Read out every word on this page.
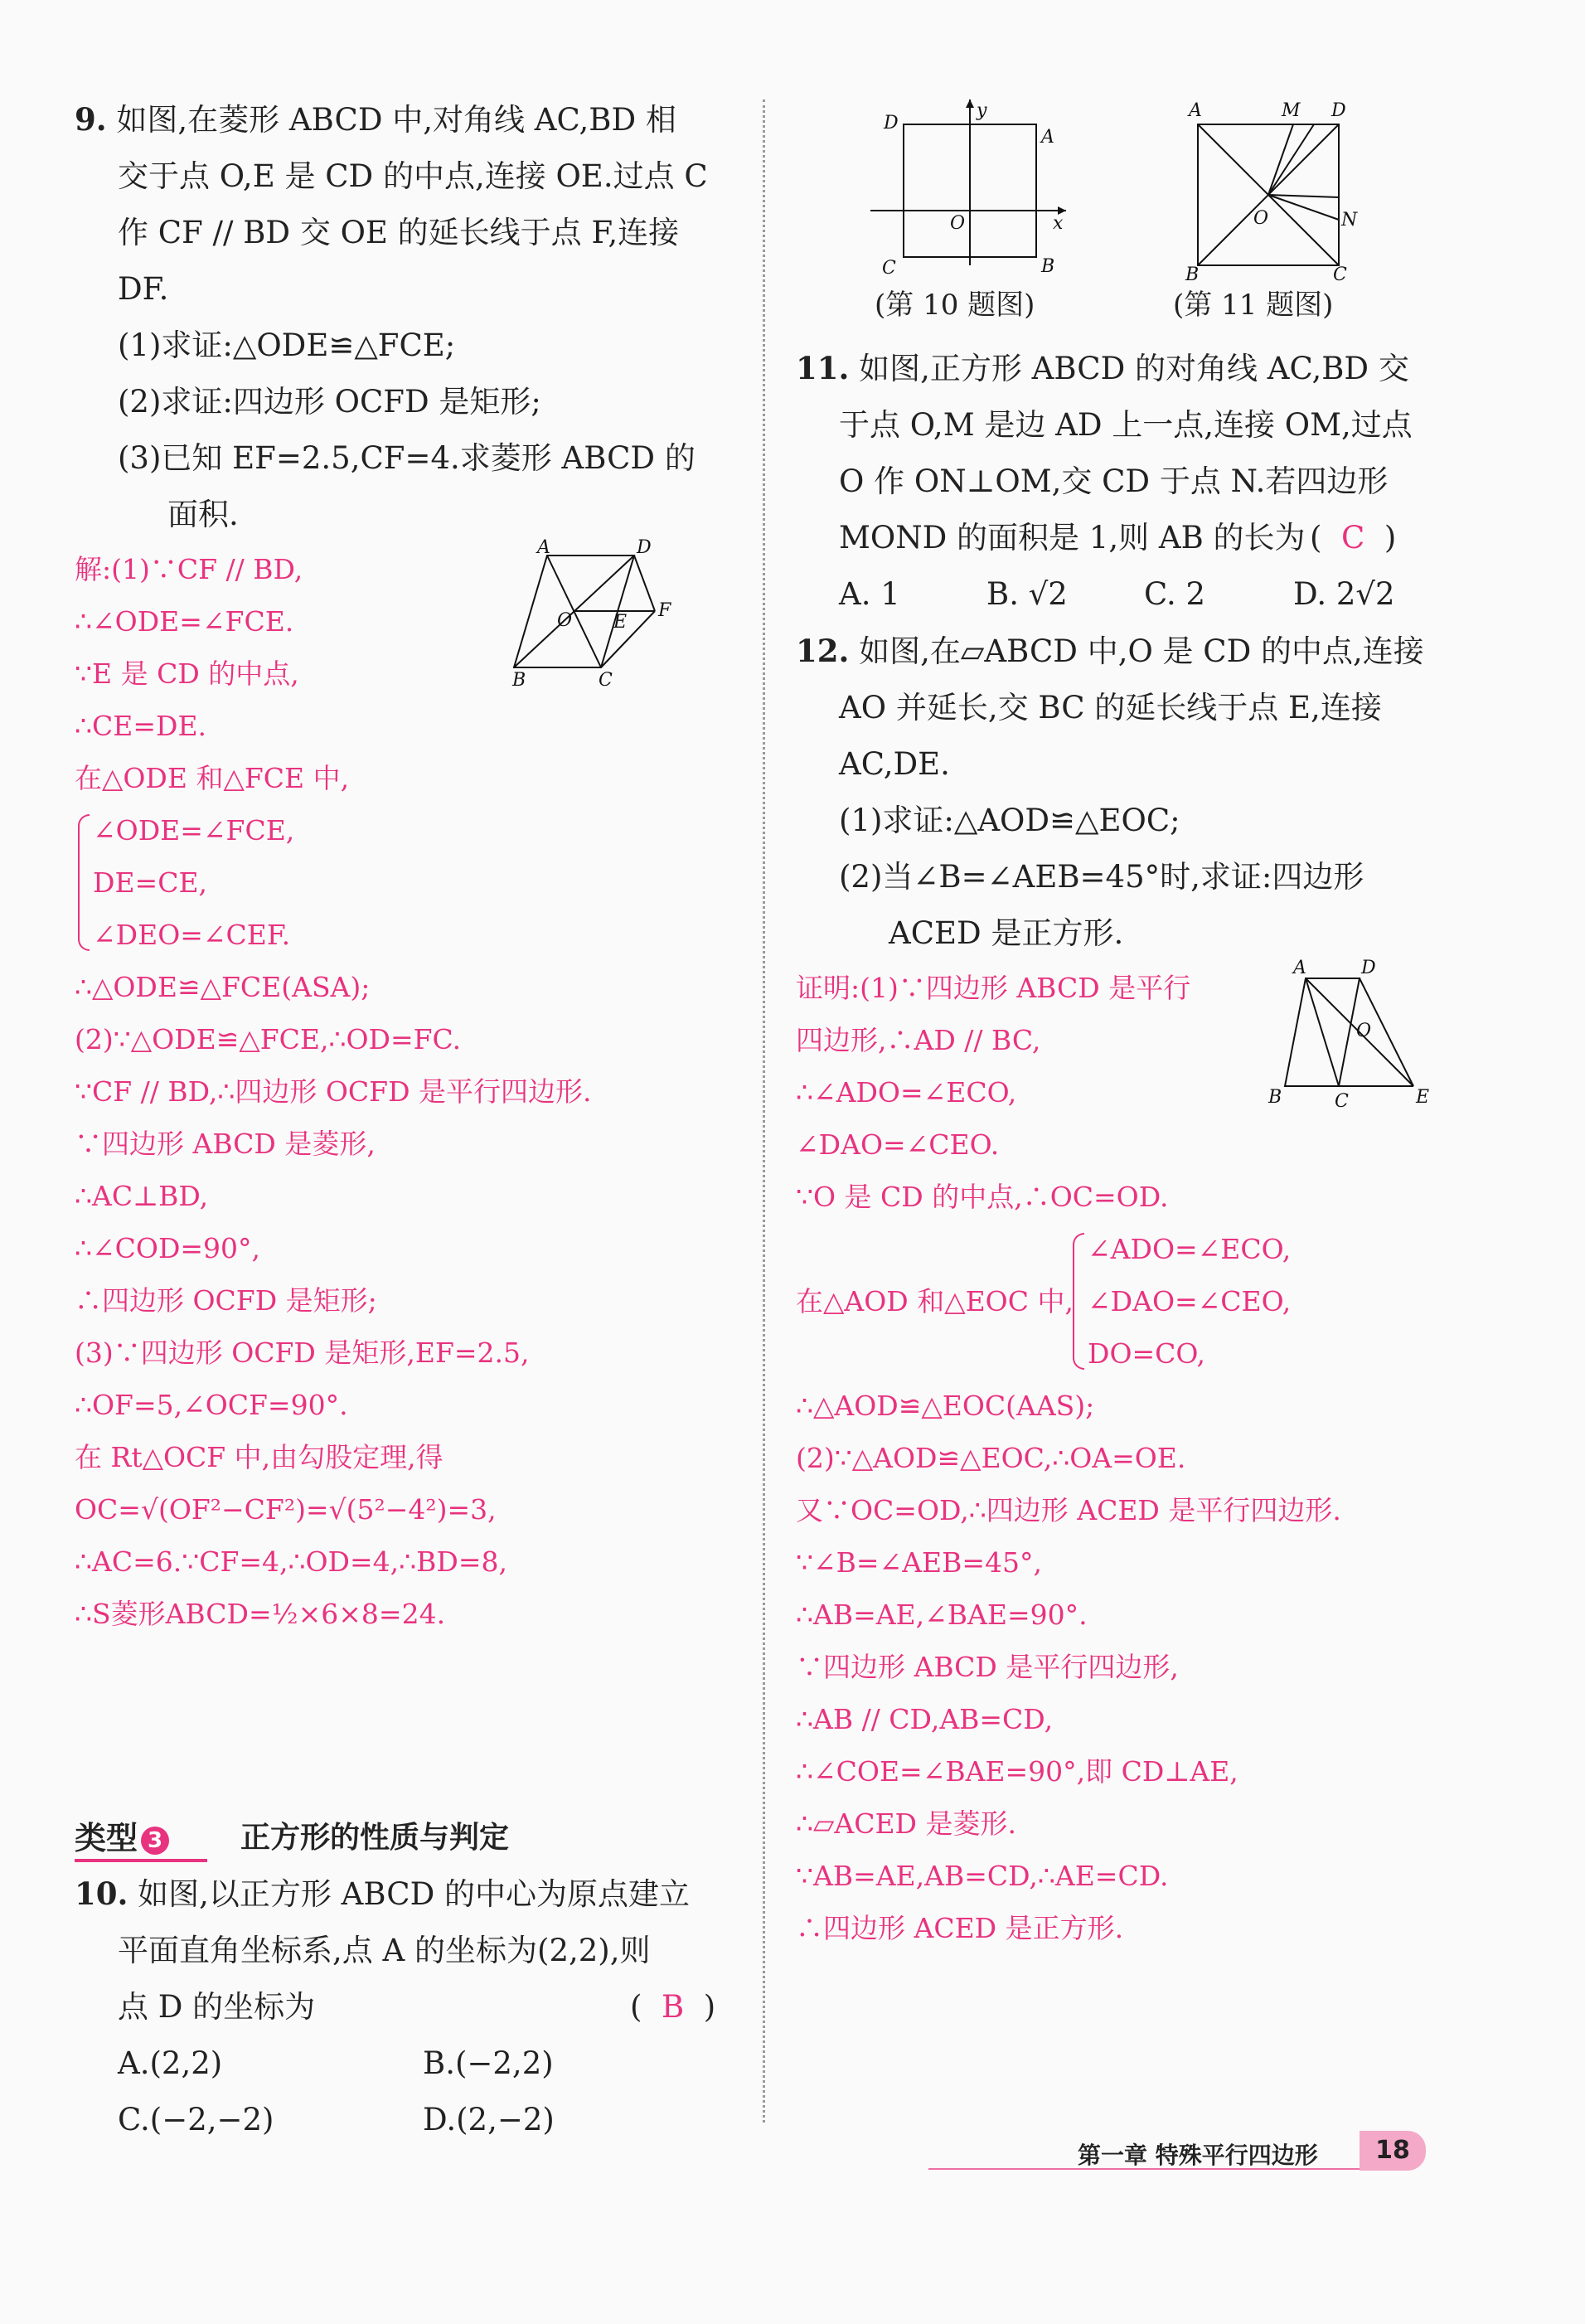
9. 如图,在菱形 ABCD 中,对角线 AC,BD 相

交于点 O,E 是 CD 的中点,连接 OE.过点 C

作 CF // BD 交 OE 的延长线于点 F,连接

DF.

(1)求证:△ODE≌△FCE;

(2)求证:四边形 OCFD 是矩形;

(3)已知 EF=2.5,CF=4.求菱形 ABCD 的

面积.

A	D
B	C
O E
F

解:(1)∵CF // BD,

∴∠ODE=∠FCE.

∵E 是 CD 的中点,

∴CE=DE.

在△ODE 和△FCE 中,

∠ODE=∠FCE,

DE=CE,

∠DEO=∠CEF.

∴△ODE≌△FCE(ASA);

(2)∵△ODE≌△FCE,∴OD=FC.

∵CF // BD,∴四边形 OCFD 是平行四边形.

∵四边形 ABCD 是菱形,

∴AC⊥BD,

∴∠COD=90°,

∴四边形 OCFD 是矩形;

(3)∵四边形 OCFD 是矩形,EF=2.5,

∴OF=5,∠OCF=90°.

在 Rt△OCF 中,由勾股定理,得

OC=√(OF²−CF²)=√(5²−4²)=3,

∴AC=6.∵CF=4,∴OD=4,∴BD=8,

∴S菱形ABCD=½×6×8=24.

类型 3	正方形的性质与判定

10. 如图,以正方形 ABCD 的中心为原点建立

平面直角坐标系,点 A 的坐标为(2,2),则

点 D 的坐标为	( B )

A.(2,2)	B.(−2,2)

C.(−2,−2)	D.(2,−2)

D
A
C	B
O	x
y

(第 10 题图)

A	M D
N
O
B	C

(第 11 题图)

11. 如图,正方形 ABCD 的对角线 AC,BD 交

于点 O,M 是边 AD 上一点,连接 OM,过点

O 作 ON⊥OM,交 CD 于点 N.若四边形

MOND 的面积是 1,则 AB 的长为 ( C )

A. 1	B. √2 C. 2	D. 2√2

12. 如图,在▱ABCD 中,O 是 CD 的中点,连接

AO 并延长,交 BC 的延长线于点 E,连接

AC,DE.

(1)求证:△AOD≌△EOC;

(2)当∠B=∠AEB=45°时,求证:四边形

ACED 是正方形.

A	D
B	C
O
E

证明:(1)∵四边形 ABCD 是平行

四边形,∴AD // BC,

∴∠ADO=∠ECO,

∠DAO=∠CEO.

∵O 是 CD 的中点,∴OC=OD.

在△AOD 和△EOC 中,

∠ADO=∠ECO,

∠DAO=∠CEO,

DO=CO,

∴△AOD≌△EOC(AAS);

(2)∵△AOD≌△EOC,∴OA=OE.

又∵OC=OD,∴四边形 ACED 是平行四边形.

∵∠B=∠AEB=45°,

∴AB=AE,∠BAE=90°.

∵四边形 ABCD 是平行四边形,

∴AB // CD,AB=CD,

∴∠COE=∠BAE=90°,即 CD⊥AE,

∴▱ACED 是菱形.

∵AB=AE,AB=CD,∴AE=CD.

∴四边形 ACED 是正方形.

第一章 特殊平行四边形	18
